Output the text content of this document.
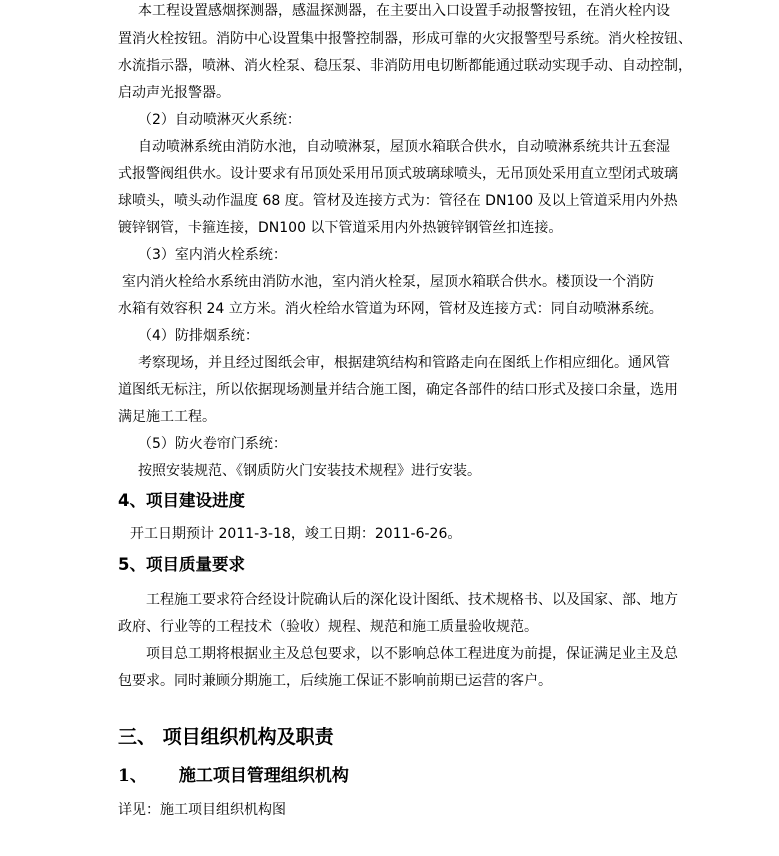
本工程设置感烟探测器，感温探测器，在主要出入口设置手动报警按钮，在消火栓内设
置消火栓按钮。消防中心设置集中报警控制器，形成可靠的火灾报警型号系统。消火栓按钮、
水流指示器，喷淋、消火栓泵、稳压泵、非消防用电切断都能通过联动实现手动、自动控制，
启动声光报警器。
（2）自动喷淋灭火系统：
自动喷淋系统由消防水池，自动喷淋泵，屋顶水箱联合供水，自动喷淋系统共计五套湿
式报警阀组供水。设计要求有吊顶处采用吊顶式玻璃球喷头，无吊顶处采用直立型闭式玻璃
球喷头，喷头动作温度 68 度。管材及连接方式为：管径在 DN100 及以上管道采用内外热
镀锌钢管，卡箍连接，DN100 以下管道采用内外热镀锌钢管丝扣连接。
（3）室内消火栓系统：
室内消火栓给水系统由消防水池，室内消火栓泵，屋顶水箱联合供水。楼顶设一个消防
水箱有效容积 24 立方米。消火栓给水管道为环网，管材及连接方式：同自动喷淋系统。
（4）防排烟系统：
考察现场，并且经过图纸会审，根据建筑结构和管路走向在图纸上作相应细化。通风管
道图纸无标注，所以依据现场测量并结合施工图，确定各部件的结口形式及接口余量，选用
满足施工工程。
（5）防火卷帘门系统：
按照安装规范、《钢质防火门安装技术规程》进行安装。
4、项目建设进度
开工日期预计 2011-3-18，竣工日期：2011-6-26。
5、项目质量要求
工程施工要求符合经设计院确认后的深化设计图纸、技术规格书、以及国家、部、地方
政府、行业等的工程技术（验收）规程、规范和施工质量验收规范。
项目总工期将根据业主及总包要求，以不影响总体工程进度为前提，保证满足业主及总
包要求。同时兼顾分期施工，后续施工保证不影响前期已运营的客户。
三、 项目组织机构及职责
1、 施工项目管理组织机构
详见：施工项目组织机构图
